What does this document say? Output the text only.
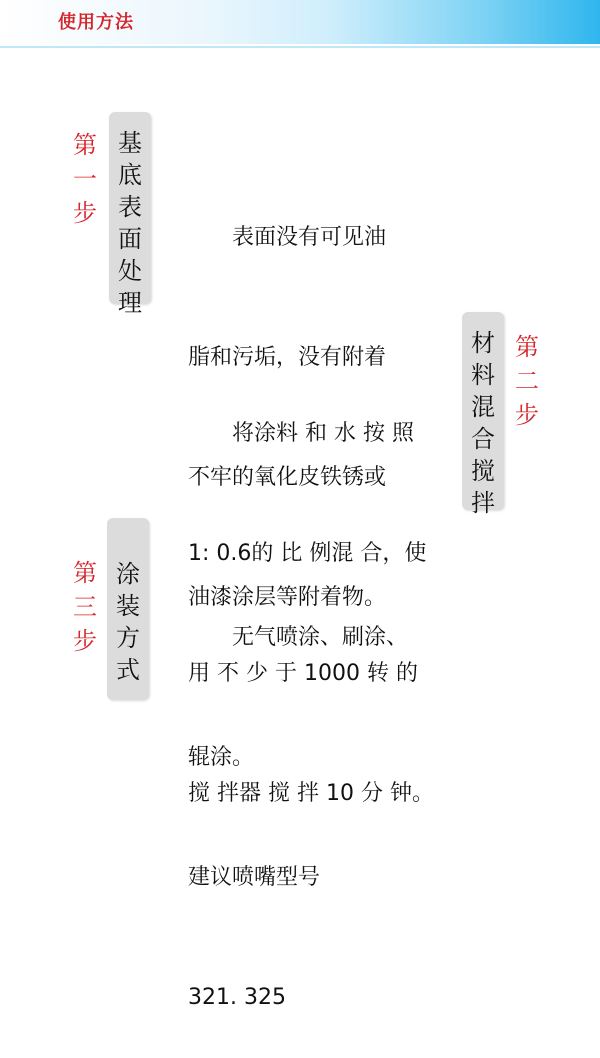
使用方法
第
一
步
基
底
表
面
处
理

　　表面没有可见油

脂和污垢，没有附着

不牢的氧化皮铁锈或

油漆涂层等附着物。

　　将涂料 和 水 按 照

1: 0.6的 比 例混 合，使

用 不 少 于 1000 转 的

搅 拌器 搅 拌 10 分 钟。

材
料
混
合
搅
拌
第
二
步
第
三
步
涂
装
方
式

　　无气喷涂、刷涂、

辊涂。

建议喷嘴型号

321. 325
